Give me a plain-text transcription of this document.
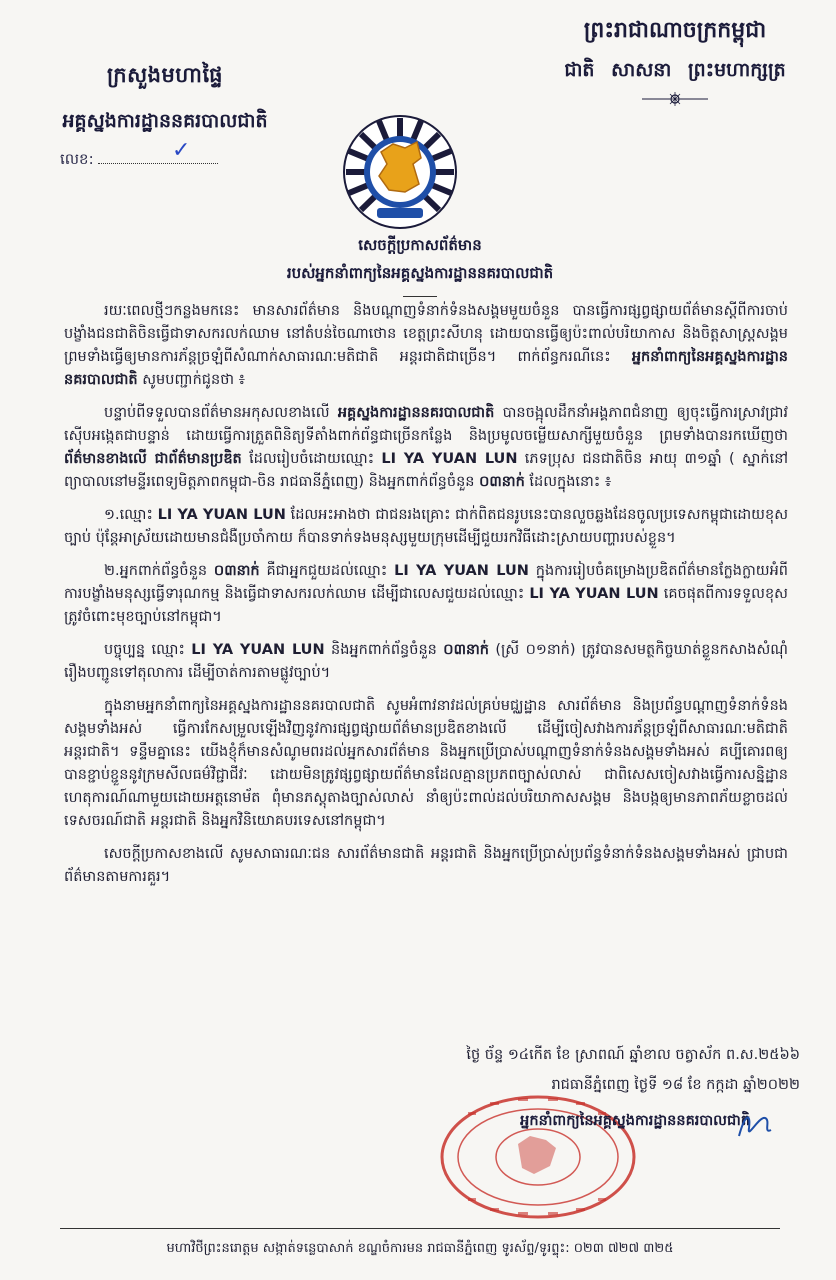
ព្រះរាជាណាចក្រកម្ពុជា
ជាតិ សាសនា ព្រះមហាក្សត្រ
ក្រសួងមហាផ្ទៃ
អគ្គស្នងការដ្ឋាននគរបាលជាតិ
លេខ:	✓
សេចក្តីប្រកាសព័ត៌មាន
របស់អ្នកនាំពាក្យនៃអគ្គស្នងការដ្ឋាននគរបាលជាតិ

រយៈពេលថ្មីៗកន្លងមកនេះ មានសារព័ត៌មាន និងបណ្តាញទំនាក់ទំនងសង្គមមួយចំនួន បានធ្វើការផ្សព្វផ្សាយព័ត៌មានស្តីពីការចាប់បង្ខាំងជនជាតិចិនធ្វើជាទាសករលក់ឈាម នៅតំបន់ចៃណាថោន ខេត្តព្រះសីហនុ ដោយបានធ្វើឲ្យប៉ះពាល់បរិយាកាស និងចិត្តសាស្ត្រសង្គម ព្រមទាំងធ្វើឲ្យមានការភ័ន្តច្រឡំពីសំណាក់សាធារណៈមតិជាតិ អន្តរជាតិជាច្រើន។ ពាក់ព័ន្ធករណីនេះ អ្នកនាំពាក្យនៃអគ្គស្នងការដ្ឋាននគរបាលជាតិ សូមបញ្ជាក់ជូនថា ៖

បន្ទាប់ពីទទួលបានព័ត៌មានអកុសលខាងលើ អគ្គស្នងការដ្ឋាននគរបាលជាតិ បានចង្អុលដឹកនាំអង្គភាពជំនាញ ឲ្យចុះធ្វើការស្រាវជ្រាវ ស៊ើបអង្កេតជាបន្ទាន់ ដោយធ្វើការត្រួតពិនិត្យទីតាំងពាក់ព័ន្ធជាច្រើនកន្លែង និងប្រមូលចម្លើយសាក្សីមួយចំនួន ព្រមទាំងបានរកឃើញថា ព័ត៌មានខាងលើ ជាព័ត៌មានប្រឌិត ដែលរៀបចំដោយឈ្មោះ LI YA YUAN LUN ភេទប្រុស ជនជាតិចិន អាយុ ៣១ឆ្នាំ ( ស្នាក់នៅព្យាបាលនៅមន្ទីរពេទ្យមិត្តភាពកម្ពុជា-ចិន រាជធានីភ្នំពេញ) និងអ្នកពាក់ព័ន្ធចំនួន ០៣នាក់ ដែលក្នុងនោះ ៖

១.ឈ្មោះ LI YA YUAN LUN ដែលអះអាងថា ជាជនរងគ្រោះ ជាក់ពិតជនរូបនេះបានលួចឆ្លងដែនចូលប្រទេសកម្ពុជាដោយខុសច្បាប់ ប៉ុន្តែអាស្រ័យដោយមានជំងឺប្រចាំកាយ ក៏បានទាក់ទងមនុស្សមួយក្រុមដើម្បីជួយរកវិធីដោះស្រាយបញ្ហារបស់ខ្លួន។

២.អ្នកពាក់ព័ន្ធចំនួន ០៣នាក់ គឺជាអ្នកជួយដល់ឈ្មោះ LI YA YUAN LUN ក្នុងការរៀបចំគម្រោងប្រឌិតព័ត៌មានក្លែងក្លាយអំពីការបង្ខាំងមនុស្សធ្វើទារុណកម្ម និងធ្វើជាទាសករលក់ឈាម ដើម្បីជាលេសជួយដល់ឈ្មោះ LI YA YUAN LUN គេចផុតពីការទទួលខុសត្រូវចំពោះមុខច្បាប់នៅកម្ពុជា។

បច្ចុប្បន្ន ឈ្មោះ LI YA YUAN LUN និងអ្នកពាក់ព័ន្ធចំនួន ០៣នាក់ (ស្រី ០១នាក់) ត្រូវបានសមត្ថកិច្ចឃាត់ខ្លួនកសាងសំណុំរឿងបញ្ជូនទៅតុលាការ ដើម្បីចាត់ការតាមផ្លូវច្បាប់។

ក្នុងនាមអ្នកនាំពាក្យនៃអគ្គស្នងការដ្ឋាននគរបាលជាតិ សូមអំពាវនាវដល់គ្រប់មជ្ឈដ្ឋាន សារព័ត៌មាន និងប្រព័ន្ធបណ្តាញទំនាក់ទំនងសង្គមទាំងអស់ ធ្វើការកែសម្រួលឡើងវិញនូវការផ្សព្វផ្សាយព័ត៌មានប្រឌិតខាងលើ ដើម្បីចៀសវាងការភ័ន្តច្រឡំពីសាធារណៈមតិជាតិ អន្តរជាតិ។ ទន្ទឹមគ្នានេះ យើងខ្ញុំក៏មានសំណូមពរដល់អ្នកសារព័ត៌មាន និងអ្នកប្រើប្រាស់បណ្តាញទំនាក់ទំនងសង្គមទាំងអស់ គប្បីគោរពឲ្យបានខ្ជាប់ខ្ជួននូវក្រមសីលធម៌វិជ្ជាជីវៈ ដោយមិនត្រូវផ្សព្វផ្សាយព័ត៌មានដែលគ្មានប្រភពច្បាស់លាស់ ជាពិសេសចៀសវាងធ្វើការសន្និដ្ឋានហេតុការណ៍ណាមួយដោយអត្តនោម័ត ពុំមានភស្តុតាងច្បាស់លាស់ នាំឲ្យប៉ះពាល់ដល់បរិយាកាសសង្គម និងបង្កឲ្យមានភាពភ័យខ្លាចដល់ទេសចរណ៍ជាតិ អន្តរជាតិ និងអ្នកវិនិយោគបរទេសនៅកម្ពុជា។

សេចក្តីប្រកាសខាងលើ សូមសាធារណៈជន សារព័ត៌មានជាតិ អន្តរជាតិ និងអ្នកប្រើប្រាស់ប្រព័ន្ធទំនាក់ទំនងសង្គមទាំងអស់ ជ្រាបជាព័ត៌មានតាមការគួរ។

ថ្ងៃ ច័ន្ទ ១៤កើត ខែ ស្រាពណ៍ ឆ្នាំខាល ចត្វាស័ក ព.ស.២៥៦៦
រាជធានីភ្នំពេញ ថ្ងៃទី ១៨ ខែ កក្កដា ឆ្នាំ២០២២
អ្នកនាំពាក្យនៃអគ្គស្នងការដ្ឋាននគរបាលជាតិ
មហាវិថីព្រះនរោត្តម សង្កាត់ទន្លេបាសាក់ ខណ្ឌចំការមន រាជធានីភ្នំពេញ ទូរស័ព្ទ/ទូរព្ទុះ: ០២៣ ៧២៧ ៣២៥
